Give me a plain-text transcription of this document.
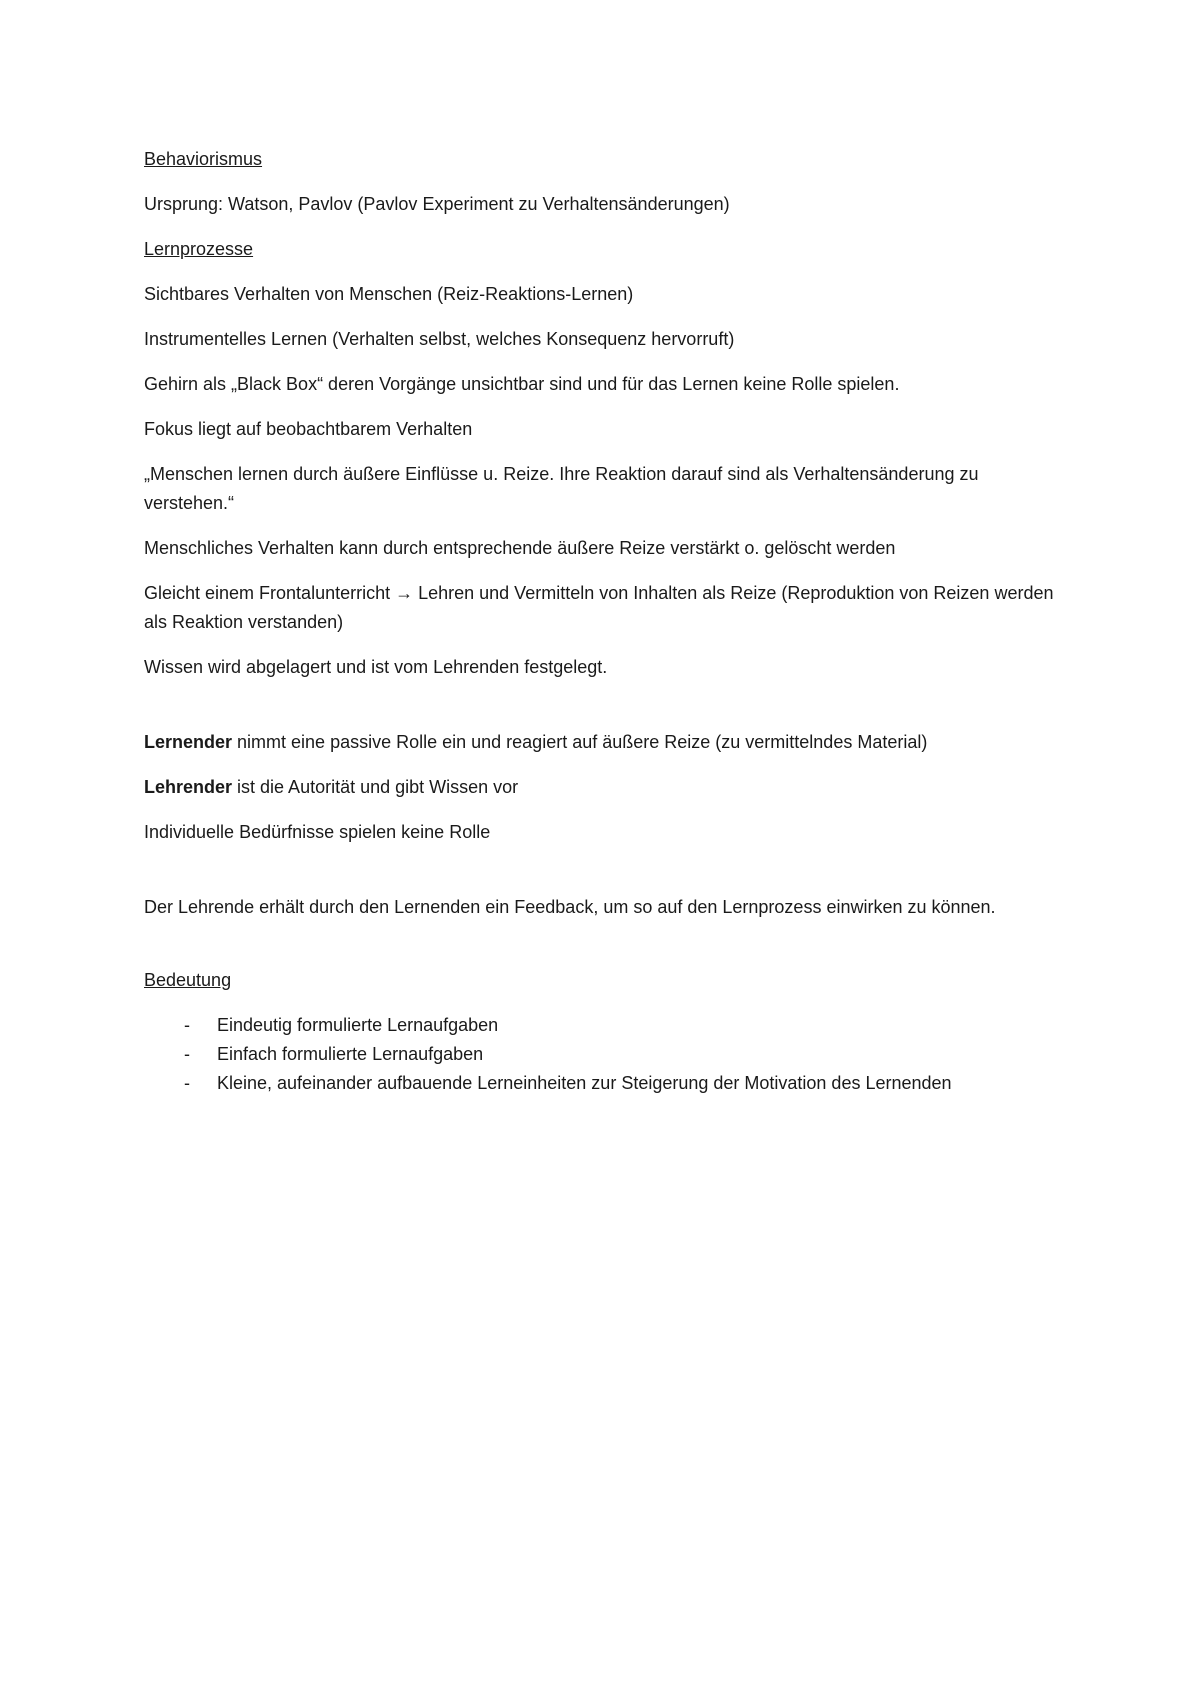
Behaviorismus

Ursprung: Watson, Pavlov (Pavlov Experiment zu Verhaltensänderungen)

Lernprozesse

Sichtbares Verhalten von Menschen (Reiz-Reaktions-Lernen)

Instrumentelles Lernen (Verhalten selbst, welches Konsequenz hervorruft)

Gehirn als „Black Box“ deren Vorgänge unsichtbar sind und für das Lernen keine Rolle spielen.

Fokus liegt auf beobachtbarem Verhalten

„Menschen lernen durch äußere Einflüsse u. Reize. Ihre Reaktion darauf sind als Verhaltensänderung zu verstehen.“

Menschliches Verhalten kann durch entsprechende äußere Reize verstärkt o. gelöscht werden

Gleicht einem Frontalunterricht → Lehren und Vermitteln von Inhalten als Reize (Reproduktion von Reizen werden als Reaktion verstanden)

Wissen wird abgelagert und ist vom Lehrenden festgelegt.

Lernender nimmt eine passive Rolle ein und reagiert auf äußere Reize (zu vermittelndes Material)

Lehrender ist die Autorität und gibt Wissen vor

Individuelle Bedürfnisse spielen keine Rolle

Der Lehrende erhält durch den Lernenden ein Feedback, um so auf den Lernprozess einwirken zu können.

Bedeutung

- Eindeutig formulierte Lernaufgaben
- Einfach formulierte Lernaufgaben
- Kleine, aufeinander aufbauende Lerneinheiten zur Steigerung der Motivation des Lernenden
